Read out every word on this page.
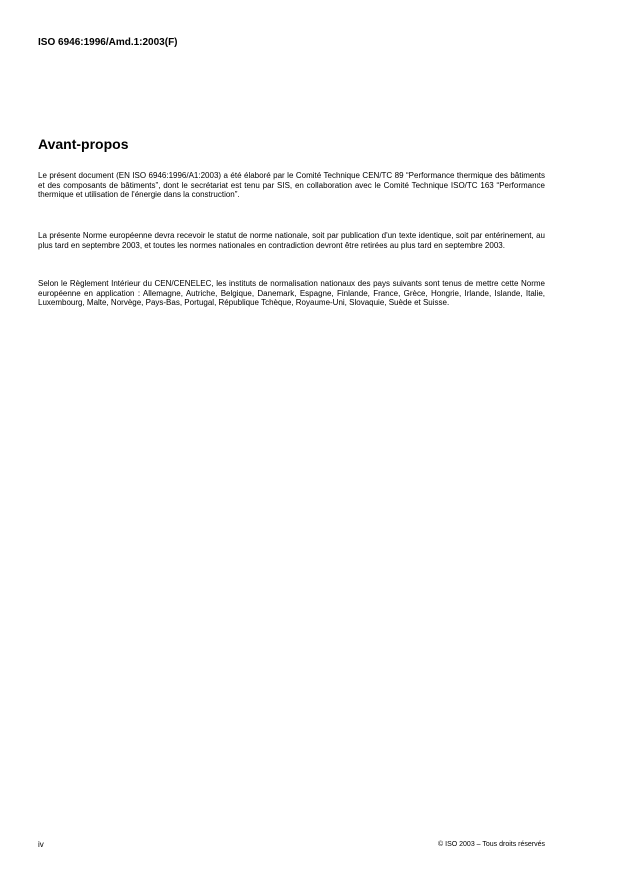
ISO 6946:1996/Amd.1:2003(F)
Avant-propos

Le présent document (EN ISO 6946:1996/A1:2003) a été élaboré par le Comité Technique CEN/TC 89 “Performance thermique des bâtiments et des composants de bâtiments”, dont le secrétariat est tenu par SIS, en collaboration avec le Comité Technique ISO/TC 163 “Performance thermique et utilisation de l'énergie dans la construction”.

La présente Norme européenne devra recevoir le statut de norme nationale, soit par publication d'un texte identique, soit par entérinement, au plus tard en septembre 2003, et toutes les normes nationales en contradiction devront être retirées au plus tard en septembre 2003.

Selon le Règlement Intérieur du CEN/CENELEC, les instituts de normalisation nationaux des pays suivants sont tenus de mettre cette Norme européenne en application : Allemagne, Autriche, Belgique, Danemark, Espagne, Finlande, France, Grèce, Hongrie, Irlande, Islande, Italie, Luxembourg, Malte, Norvège, Pays-Bas, Portugal, République Tchèque, Royaume-Uni, Slovaquie, Suède et Suisse.

iv	© ISO 2003 – Tous droits réservés
